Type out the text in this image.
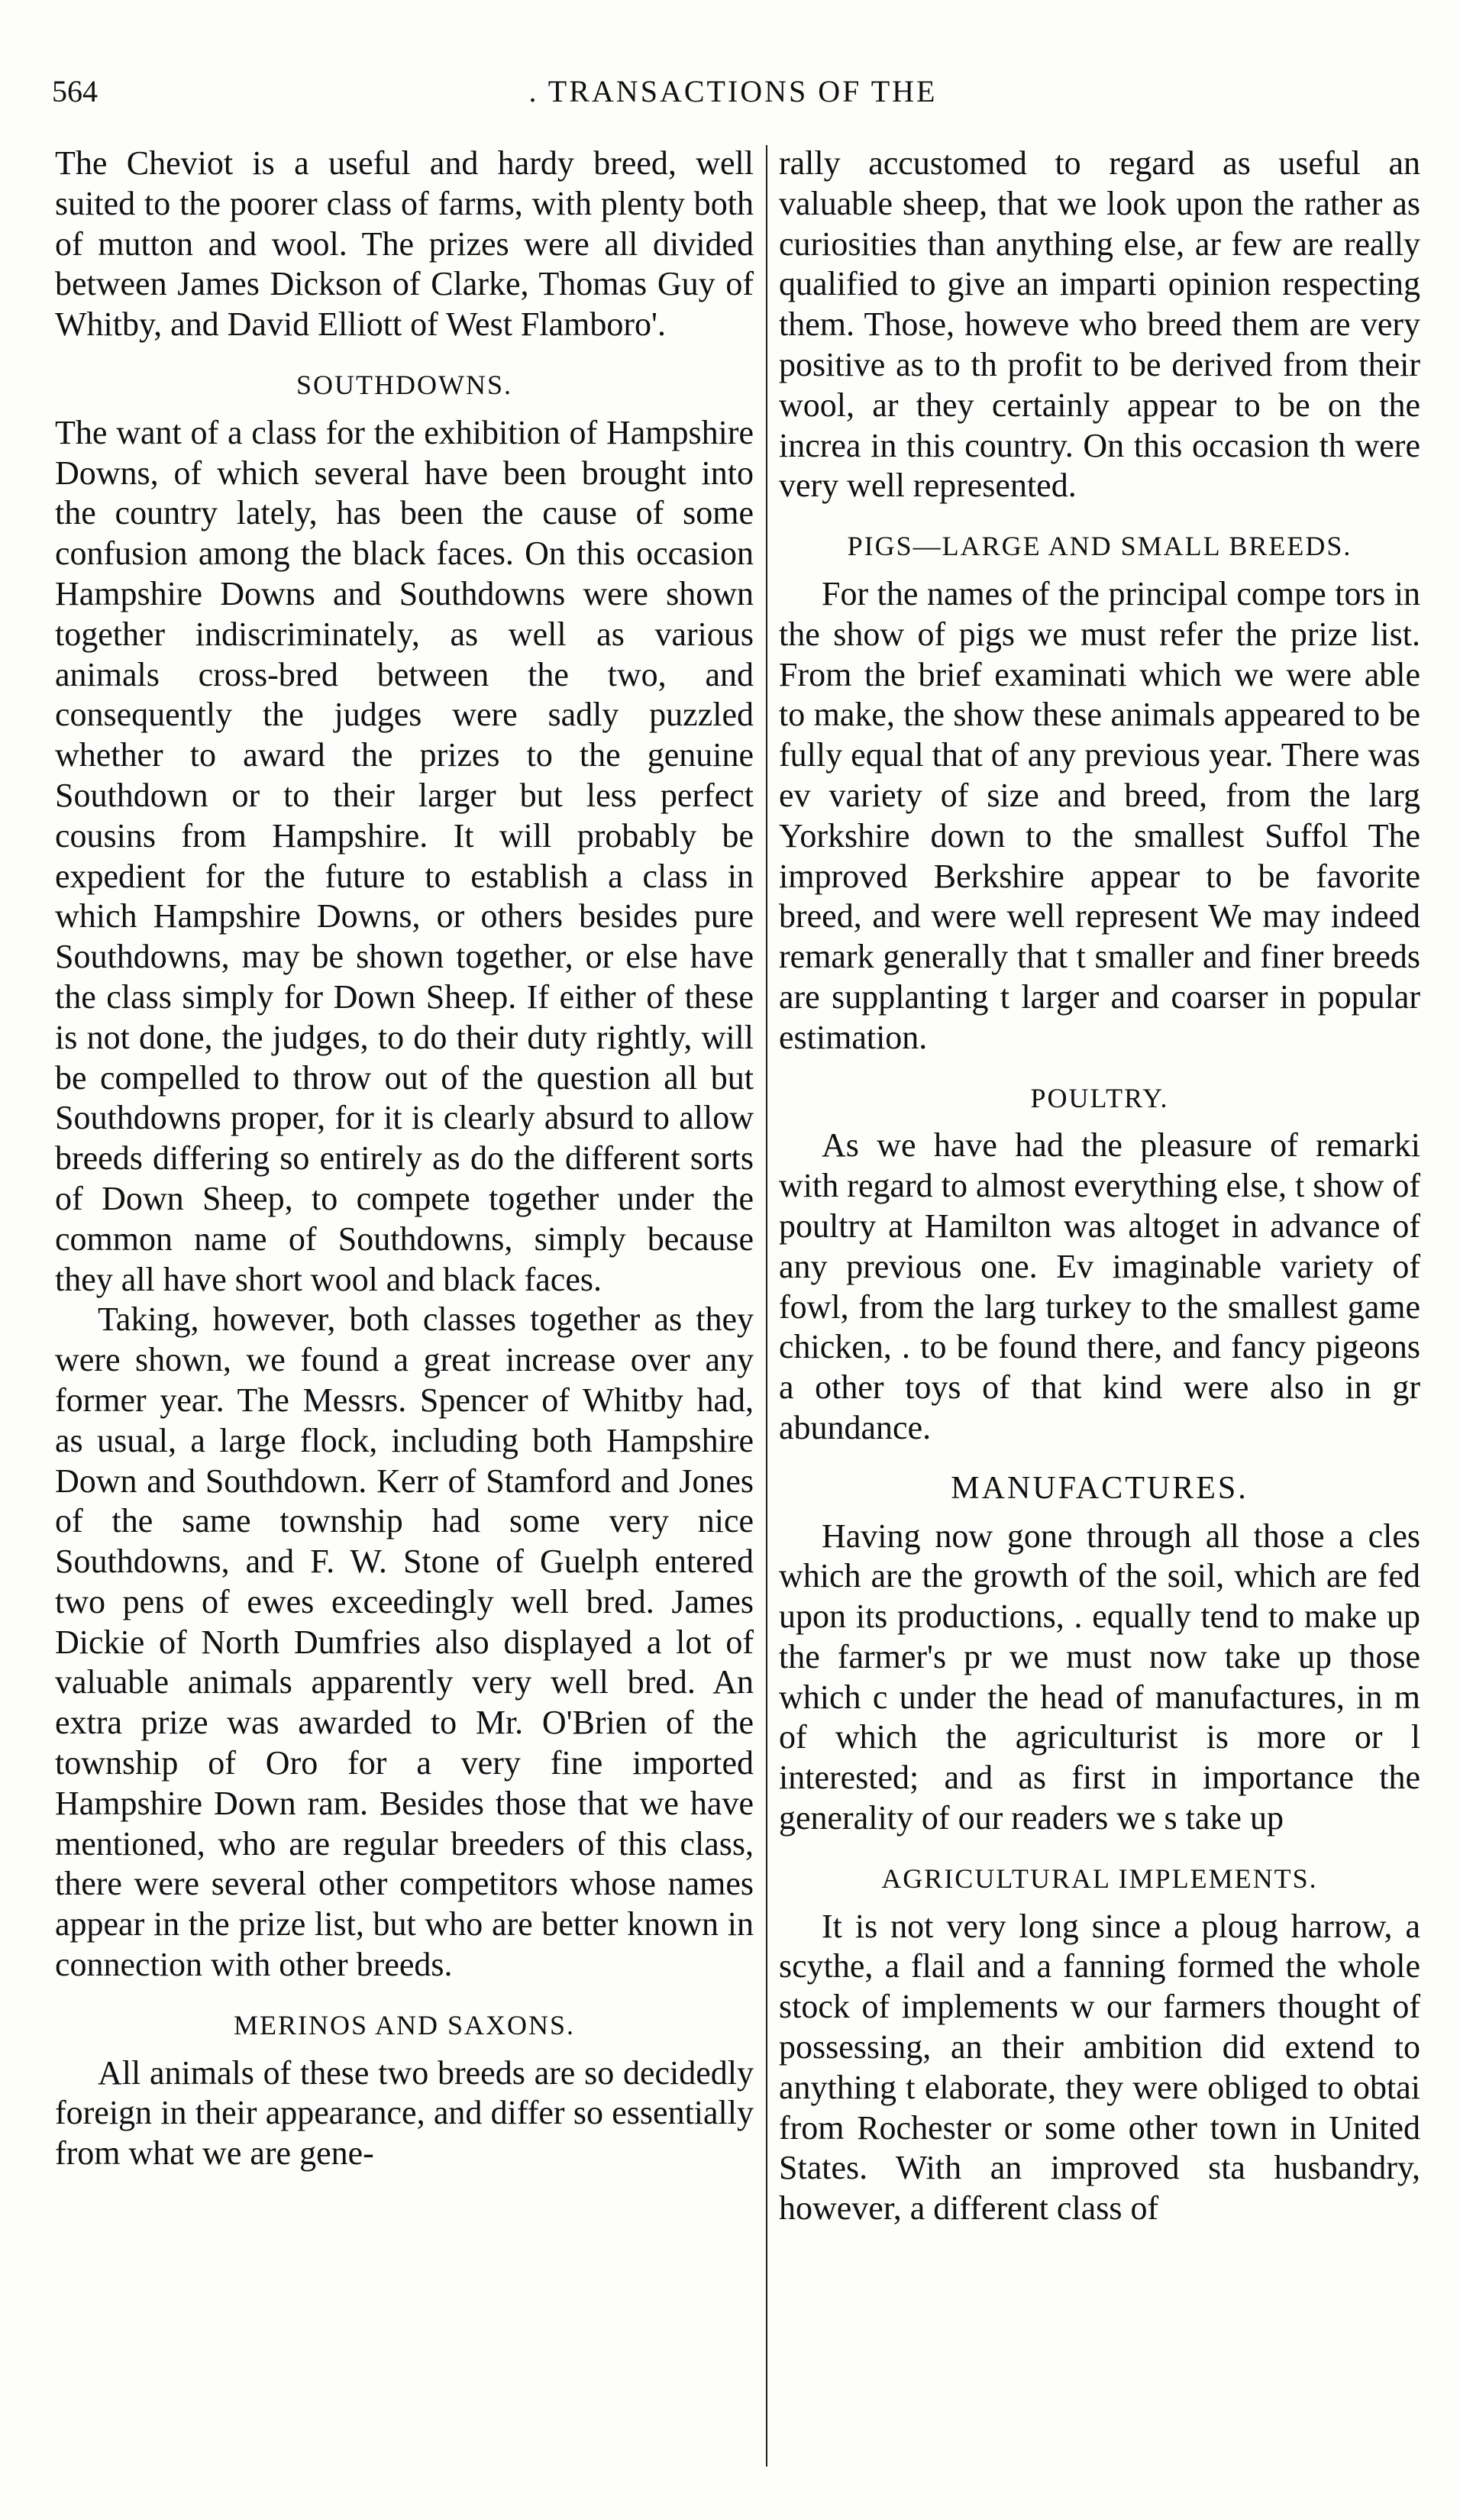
564	. TRANSACTIONS OF THE

The Cheviot is a useful and hardy breed, well suited to the poorer class of farms, with plenty both of mutton and wool. The prizes were all divided between James Dickson of Clarke, Thomas Guy of Whitby, and David Elliott of West Flamboro'.

SOUTHDOWNS.

The want of a class for the exhibition of Hampshire Downs, of which several have been brought into the country lately, has been the cause of some confusion among the black faces. On this occasion Hampshire Downs and Southdowns were shown together indiscriminately, as well as various animals cross-bred between the two, and consequently the judges were sadly puzzled whether to award the prizes to the genuine Southdown or to their larger but less perfect cousins from Hampshire. It will probably be expedient for the future to establish a class in which Hampshire Downs, or others besides pure Southdowns, may be shown together, or else have the class simply for Down Sheep. If either of these is not done, the judges, to do their duty rightly, will be compelled to throw out of the question all but Southdowns proper, for it is clearly absurd to allow breeds differing so entirely as do the different sorts of Down Sheep, to compete together under the common name of Southdowns, simply because they all have short wool and black faces.

Taking, however, both classes together as they were shown, we found a great increase over any former year. The Messrs. Spencer of Whitby had, as usual, a large flock, including both Hampshire Down and Southdown. Kerr of Stamford and Jones of the same township had some very nice Southdowns, and F. W. Stone of Guelph entered two pens of ewes exceedingly well bred. James Dickie of North Dumfries also displayed a lot of valuable animals apparently very well bred. An extra prize was awarded to Mr. O'Brien of the township of Oro for a very fine imported Hampshire Down ram. Besides those that we have mentioned, who are regular breeders of this class, there were several other competitors whose names appear in the prize list, but who are better known in connection with other breeds.

MERINOS AND SAXONS.

All animals of these two breeds are so decidedly foreign in their appearance, and differ so essentially from what we are gene-

rally accustomed to regard as useful an valuable sheep, that we look upon the rather as curiosities than anything else, ar few are really qualified to give an imparti opinion respecting them. Those, howeve who breed them are very positive as to th profit to be derived from their wool, ar they certainly appear to be on the increa in this country. On this occasion th were very well represented.

PIGS—LARGE AND SMALL BREEDS.

For the names of the principal compe tors in the show of pigs we must refer the prize list. From the brief examinati which we were able to make, the show these animals appeared to be fully equal that of any previous year. There was ev variety of size and breed, from the larg Yorkshire down to the smallest Suffol The improved Berkshire appear to be favorite breed, and were well represent We may indeed remark generally that t smaller and finer breeds are supplanting t larger and coarser in popular estimation.

POULTRY.

As we have had the pleasure of remarki with regard to almost everything else, t show of poultry at Hamilton was altoget in advance of any previous one. Ev imaginable variety of fowl, from the larg turkey to the smallest game chicken, . to be found there, and fancy pigeons a other toys of that kind were also in gr abundance.

MANUFACTURES.

Having now gone through all those a cles which are the growth of the soil, which are fed upon its productions, . equally tend to make up the farmer's pr we must now take up those which c under the head of manufactures, in m of which the agriculturist is more or l interested; and as first in importance the generality of our readers we s take up

AGRICULTURAL IMPLEMENTS.

It is not very long since a ploug harrow, a scythe, a flail and a fanning formed the whole stock of implements w our farmers thought of possessing, an their ambition did extend to anything t elaborate, they were obliged to obtai from Rochester or some other town in United States. With an improved sta husbandry, however, a different class of
